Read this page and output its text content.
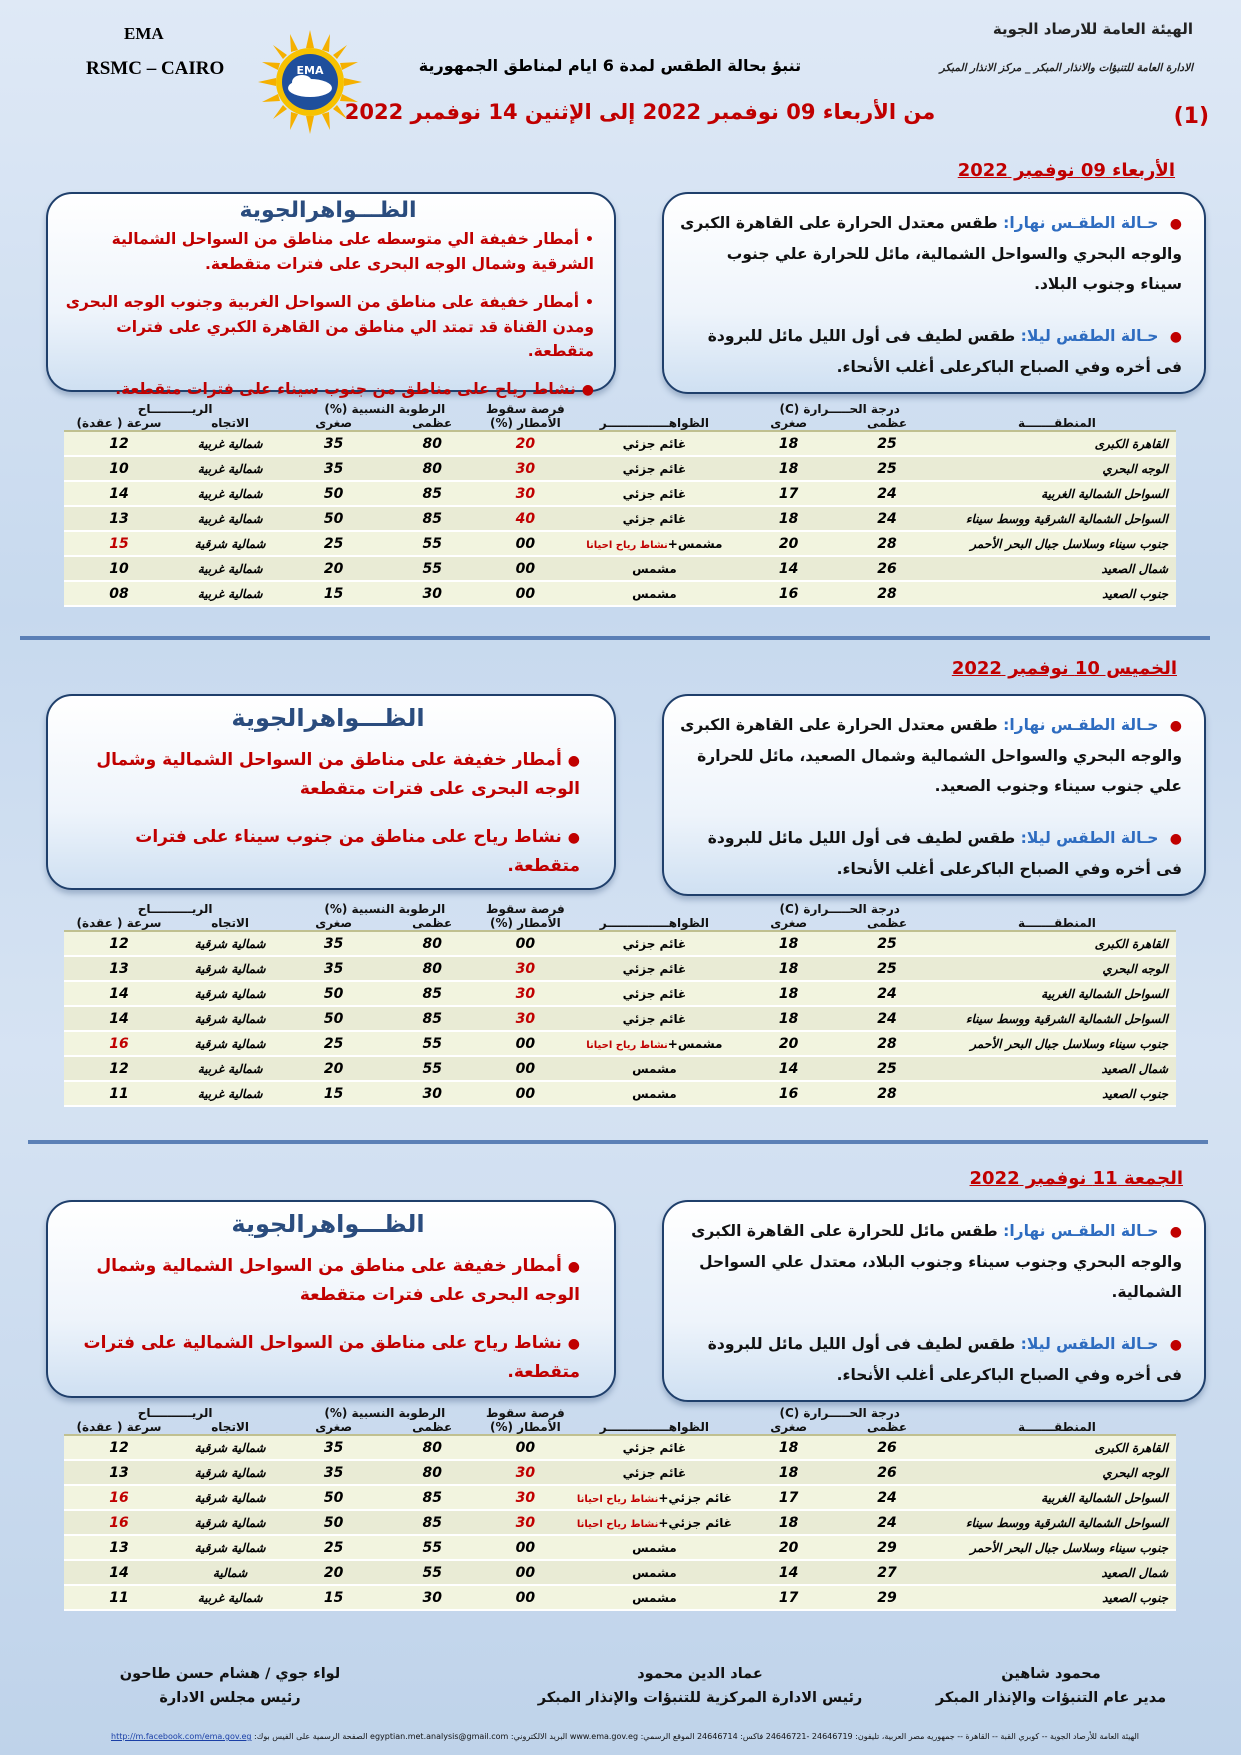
الهيئة العامة للارصاد الجوية
الادارة العامة للتنبؤات والانذار المبكر _ مركز الانذار المبكر
EMA
RSMC – CAIRO	EMA	تنبؤ بحالة الطقس لمدة 6 ايام لمناطق الجمهورية
من الأربعاء 09 نوفمبر 2022 إلى الإثنين 14 نوفمبر 2022	(1)
الأربعاء 09 نوفمبر 2022
● حـالة الطقـس نهارا: طقس معتدل الحرارة على القاهرة الكبرى والوجه البحري والسواحل الشمالية، مائل للحرارة علي جنوب سيناء وجنوب البلاد.
● حـالة الطقس ليلا: طقس لطيف فى أول الليل مائل للبرودة فى أخره وفي الصباح الباكرعلى أغلب الأنحاء.
الظـــواهرالجوية
•أمطار خفيفة الي متوسطه على مناطق من السواحل الشمالية الشرقية وشمال الوجه البحرى على فترات متقطعة.
•أمطار خفيفة على مناطق من السواحل الغربية وجنوب الوجه البحرى ومدن القناة قد تمتد الي مناطق من القاهرة الكبري على فترات متقطعة.
●نشاط رياح على مناطق من جنوب سيناء على فترات متقطعة.
المنطقـــــــة	درجة الحـــــرارة (C)		الظواهـــــــــــــــر	فرصة سقوط الأمطار (%)	الرطوبة النسبية (%)		الريــــــــــاح	
	عظمى	صغرى			عظمى	صغرى	الاتجاه	سرعة ( عقدة)
القاهرة الكبرى	25	18	غائم جزئي	20	80	35	شمالية غربية	12
الوجه البحري	25	18	غائم جزئي	30	80	35	شمالية غربية	10
السواحل الشمالية الغربية	24	17	غائم جزئي	30	85	50	شمالية غربية	14
السواحل الشمالية الشرقية ووسط سيناء	24	18	غائم جزئي	40	85	50	شمالية غربية	13
جنوب سيناء وسلاسل جبال البحر الأحمر	28	20	مشمس+نشاط رياح احيانا	00	55	25	شمالية شرقية	15
شمال الصعيد	26	14	مشمس	00	55	20	شمالية غربية	10
جنوب الصعيد	28	16	مشمس	00	30	15	شمالية غربية	08
الخميس 10 نوفمبر 2022
● حـالة الطقـس نهارا: طقس معتدل الحرارة على القاهرة الكبرى والوجه البحري والسواحل الشمالية وشمال الصعيد، مائل للحرارة علي جنوب سيناء وجنوب الصعيد.
● حـالة الطقس ليلا: طقس لطيف فى أول الليل مائل للبرودة فى أخره وفي الصباح الباكرعلى أغلب الأنحاء.
الظـــواهرالجوية
●أمطار خفيفة على مناطق من السواحل الشمالية وشمال الوجه البحرى على فترات متقطعة
●نشاط رياح على مناطق من جنوب سيناء على فترات متقطعة.
المنطقـــــــة	درجة الحـــــرارة (C)		الظواهـــــــــــــــر	فرصة سقوط الأمطار (%)	الرطوبة النسبية (%)		الريــــــــــاح	
	عظمى	صغرى			عظمى	صغرى	الاتجاه	سرعة ( عقدة)
القاهرة الكبرى	25	18	غائم جزئي	00	80	35	شمالية شرقية	12
الوجه البحري	25	18	غائم جزئي	30	80	35	شمالية شرقية	13
السواحل الشمالية الغربية	24	18	غائم جزئي	30	85	50	شمالية شرقية	14
السواحل الشمالية الشرقية ووسط سيناء	24	18	غائم جزئي	30	85	50	شمالية شرقية	14
جنوب سيناء وسلاسل جبال البحر الأحمر	28	20	مشمس+نشاط رياح احيانا	00	55	25	شمالية شرقية	16
شمال الصعيد	25	14	مشمس	00	55	20	شمالية غربية	12
جنوب الصعيد	28	16	مشمس	00	30	15	شمالية غربية	11
الجمعة 11 نوفمبر 2022
● حـالة الطقـس نهارا: طقس مائل للحرارة على القاهرة الكبرى والوجه البحري وجنوب سيناء وجنوب البلاد، معتدل علي السواحل الشمالية.
● حـالة الطقس ليلا: طقس لطيف فى أول الليل مائل للبرودة فى أخره وفي الصباح الباكرعلى أغلب الأنحاء.
الظـــواهرالجوية
●أمطار خفيفة على مناطق من السواحل الشمالية وشمال الوجه البحرى على فترات متقطعة
●نشاط رياح على مناطق من السواحل الشمالية على فترات متقطعة.
المنطقـــــــة	درجة الحـــــرارة (C)		الظواهـــــــــــــــر	فرصة سقوط الأمطار (%)	الرطوبة النسبية (%)		الريــــــــــاح	
	عظمى	صغرى			عظمى	صغرى	الاتجاه	سرعة ( عقدة)
القاهرة الكبرى	26	18	غائم جزئي	00	80	35	شمالية شرقية	12
الوجه البحري	26	18	غائم جزئي	30	80	35	شمالية شرقية	13
السواحل الشمالية الغربية	24	17	غائم جزئي+نشاط رياح احيانا	30	85	50	شمالية شرقية	16
السواحل الشمالية الشرقية ووسط سيناء	24	18	غائم جزئي+نشاط رياح احيانا	30	85	50	شمالية شرقية	16
جنوب سيناء وسلاسل جبال البحر الأحمر	29	20	مشمس	00	55	25	شمالية شرقية	13
شمال الصعيد	27	14	مشمس	00	55	20	شمالية	14
جنوب الصعيد	29	17	مشمس	00	30	15	شمالية غربية	11
محمود شاهين
مدير عام التنبؤات والإنذار المبكر
عماد الدين محمود
رئيس الادارة المركزية للتنبؤات والإنذار المبكر
لواء جوي / هشام حسن طاحون
رئيس مجلس الادارة
الهيئة العامة للأرصاد الجوية -- كوبري القبة -- القاهرة -- جمهوريه مصر العربية، تليفون: 24646719 -24646721 فاكس: 24646714 الموقع الرسمي: www.ema.gov.eg البريد الالكتروني: egyptian.met.analysis@gmail.com الصفحة الرسمية على الفيس بوك: http://m.facebook.com/ema.gov.eg
